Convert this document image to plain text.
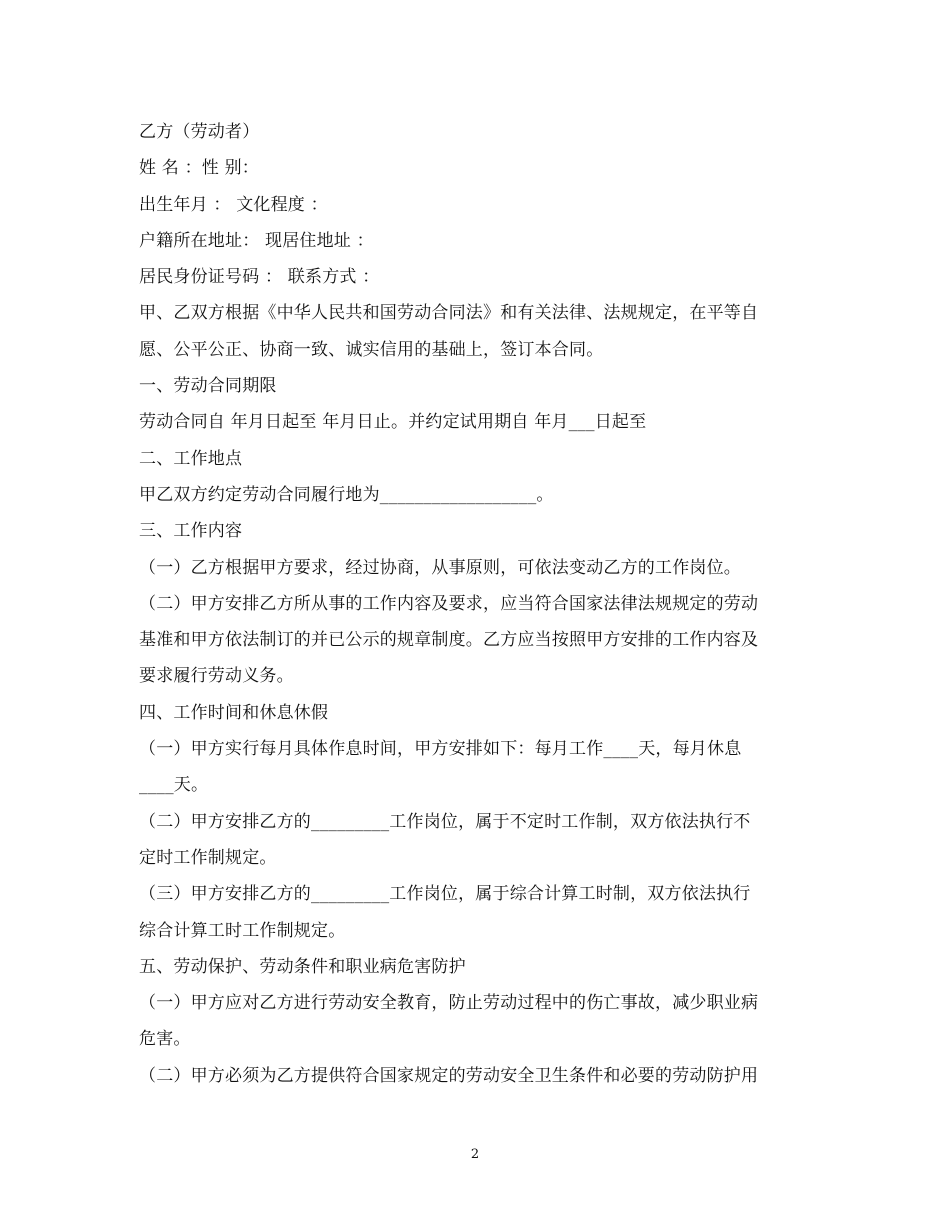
乙方（劳动者）
姓 名 ：性 别：
出生年月 ： 文化程度 ：
户籍所在地址： 现居住地址 ：
居民身份证号码 ： 联系方式 ：
甲、乙双方根据《中华人民共和国劳动合同法》和有关法律、法规规定，在平等自
愿、公平公正、协商一致、诚实信用的基础上，签订本合同。
一、劳动合同期限
劳动合同自 年月日起至 年月日止。并约定试用期自 年月___日起至
二、工作地点
甲乙双方约定劳动合同履行地为__________________。
三、工作内容
（一）乙方根据甲方要求，经过协商，从事原则，可依法变动乙方的工作岗位。
（二）甲方安排乙方所从事的工作内容及要求，应当符合国家法律法规规定的劳动
基准和甲方依法制订的并已公示的规章制度。乙方应当按照甲方安排的工作内容及
要求履行劳动义务。
四、工作时间和休息休假
（一）甲方实行每月具体作息时间，甲方安排如下：每月工作____天，每月休息
____天。
（二）甲方安排乙方的_________工作岗位，属于不定时工作制，双方依法执行不
定时工作制规定。
（三）甲方安排乙方的_________工作岗位，属于综合计算工时制，双方依法执行
综合计算工时工作制规定。
五、劳动保护、劳动条件和职业病危害防护
（一）甲方应对乙方进行劳动安全教育，防止劳动过程中的伤亡事故，减少职业病
危害。
（二）甲方必须为乙方提供符合国家规定的劳动安全卫生条件和必要的劳动防护用
2
